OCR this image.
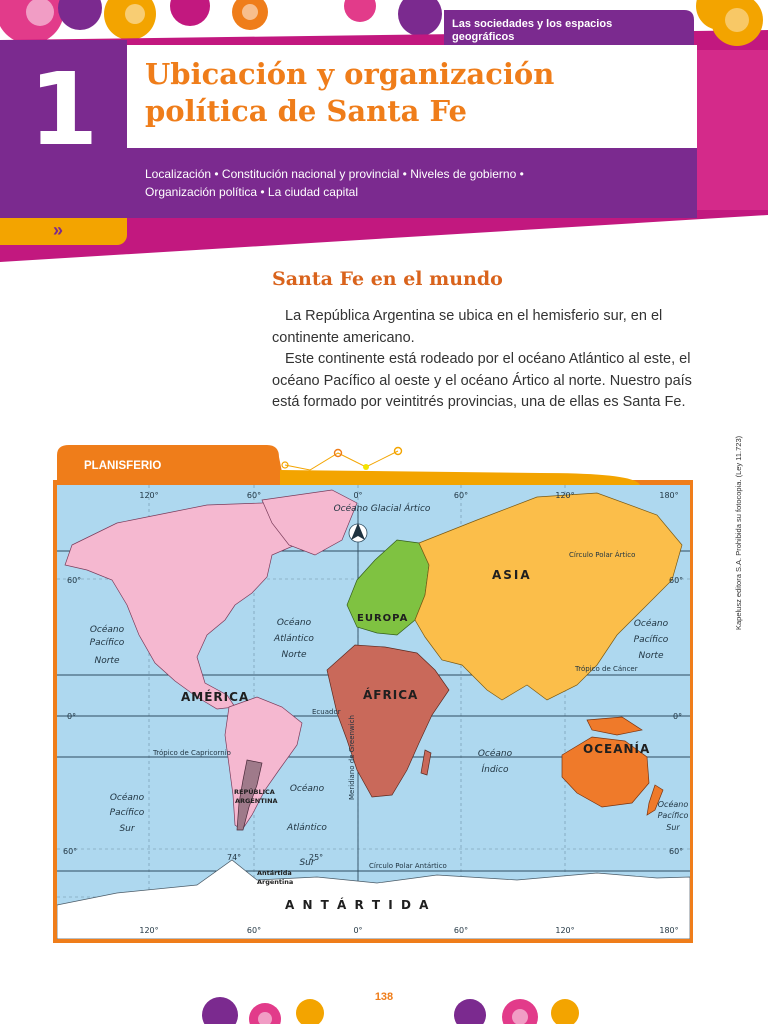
Las sociedades y los espacios geográficos
1
»
Ubicación y organización política de Santa Fe
Localización • Constitución nacional y provincial • Niveles de gobierno •
Organización política • La ciudad capital
Santa Fe en el mundo

La República Argentina se ubica en el hemisferio sur, en el continente americano.

Este continente está rodeado por el océano Atlántico al este, el océano Pacífico al oeste y el océano Ártico al norte. Nuestro país está formado por veintitrés provincias, una de ellas es Santa Fe.

Kapelusz editora S.A. Prohibida su fotocopia. (Ley 11.723)
PLANISFERIO
120°	60°	0°	60°	120°	180°
120°	60°	0°	60°	120°	180°
60°
0°
60°
60°
0°
60°
74°	25°
Círculo Polar Ártico
Trópico de Cáncer
Ecuador
Trópico de Capricornio
Círculo Polar Antártico
Meridiano de Greenwich
ASIA
EUROPA
ÁFRICA
AMÉRICA
OCEANÍA
A N T Á R T I D A
Océano Glacial Ártico
Océano
Pacífico
Norte
Océano
Atlántico
Norte
Océano
Pacífico
Norte
Océano
Pacífico
Sur
Océano
Atlántico
Sur
Océano
Índico
Océano
Pacífico
Sur
REPÚBLICA
ARGENTINA
Antártida
Argentina
138
